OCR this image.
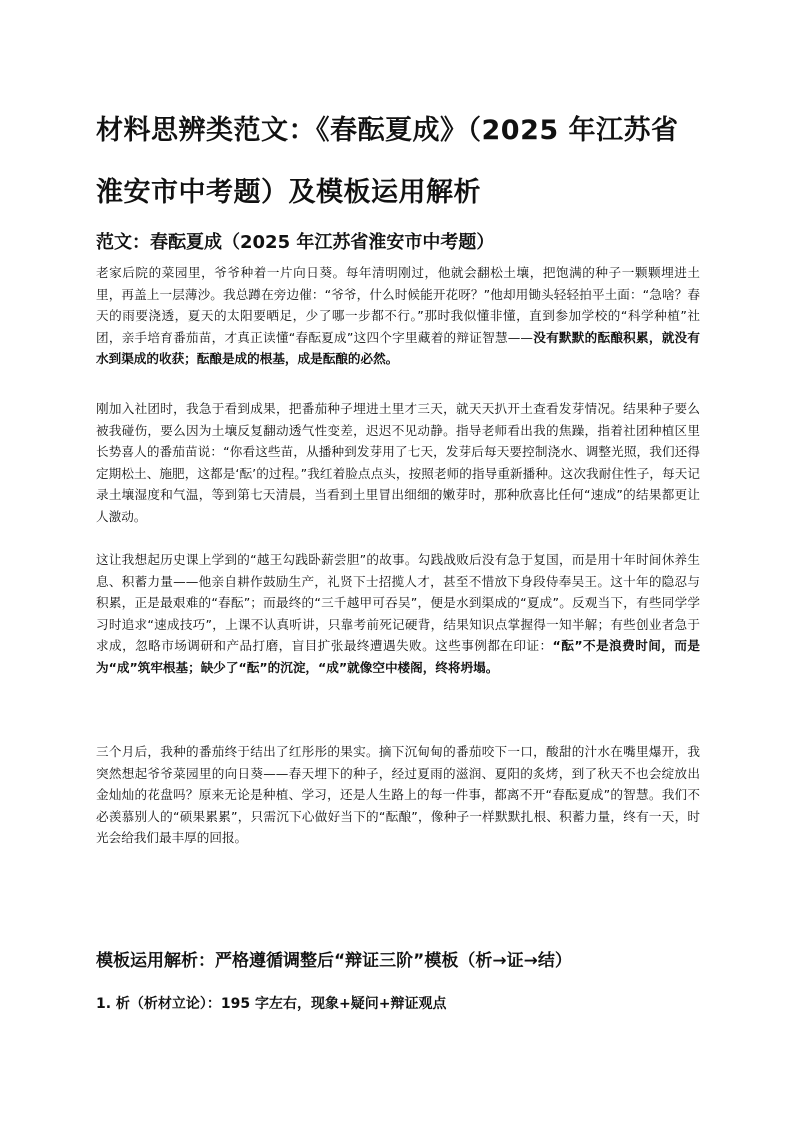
材料思辨类范文：《春酝夏成》（2025 年江苏省淮安市中考题）及模板运用解析
范文：春酝夏成（2025 年江苏省淮安市中考题）
老家后院的菜园里，爷爷种着一片向日葵。每年清明刚过，他就会翻松土壤，把饱满的种子一颗颗埋进土里，再盖上一层薄沙。我总蹲在旁边催：“爷爷，什么时候能开花呀？”他却用锄头轻轻拍平土面：“急啥？春天的雨要浇透，夏天的太阳要晒足，少了哪一步都不行。”那时我似懂非懂，直到参加学校的“科学种植”社团，亲手培育番茄苗，才真正读懂“春酝夏成”这四个字里藏着的辩证智慧——没有默默的酝酿积累，就没有水到渠成的收获；酝酿是成的根基，成是酝酿的必然。
刚加入社团时，我急于看到成果，把番茄种子埋进土里才三天，就天天扒开土查看发芽情况。结果种子要么被我碰伤，要么因为土壤反复翻动透气性变差，迟迟不见动静。指导老师看出我的焦躁，指着社团种植区里长势喜人的番茄苗说：“你看这些苗，从播种到发芽用了七天，发芽后每天要控制浇水、调整光照，我们还得定期松土、施肥，这都是‘酝’的过程。”我红着脸点点头，按照老师的指导重新播种。这次我耐住性子，每天记录土壤湿度和气温，等到第七天清晨，当看到土里冒出细细的嫩芽时，那种欣喜比任何“速成”的结果都更让人激动。
这让我想起历史课上学到的“越王勾践卧薪尝胆”的故事。勾践战败后没有急于复国，而是用十年时间休养生息、积蓄力量——他亲自耕作鼓励生产，礼贤下士招揽人才，甚至不惜放下身段侍奉吴王。这十年的隐忍与积累，正是最艰难的“春酝”；而最终的“三千越甲可吞吴”，便是水到渠成的“夏成”。反观当下，有些同学学习时追求“速成技巧”，上课不认真听讲，只靠考前死记硬背，结果知识点掌握得一知半解；有些创业者急于求成，忽略市场调研和产品打磨，盲目扩张最终遭遇失败。这些事例都在印证：“酝”不是浪费时间，而是为“成”筑牢根基；缺少了“酝”的沉淀，“成”就像空中楼阁，终将坍塌。
三个月后，我种的番茄终于结出了红彤彤的果实。摘下沉甸甸的番茄咬下一口，酸甜的汁水在嘴里爆开，我突然想起爷爷菜园里的向日葵——春天埋下的种子，经过夏雨的滋润、夏阳的炙烤，到了秋天不也会绽放出金灿灿的花盘吗？原来无论是种植、学习，还是人生路上的每一件事，都离不开“春酝夏成”的智慧。我们不必羡慕别人的“硕果累累”，只需沉下心做好当下的“酝酿”，像种子一样默默扎根、积蓄力量，终有一天，时光会给我们最丰厚的回报。
模板运用解析：严格遵循调整后“辩证三阶”模板（析→证→结）
1. 析（析材立论）：195 字左右，现象+疑问+辩证观点
